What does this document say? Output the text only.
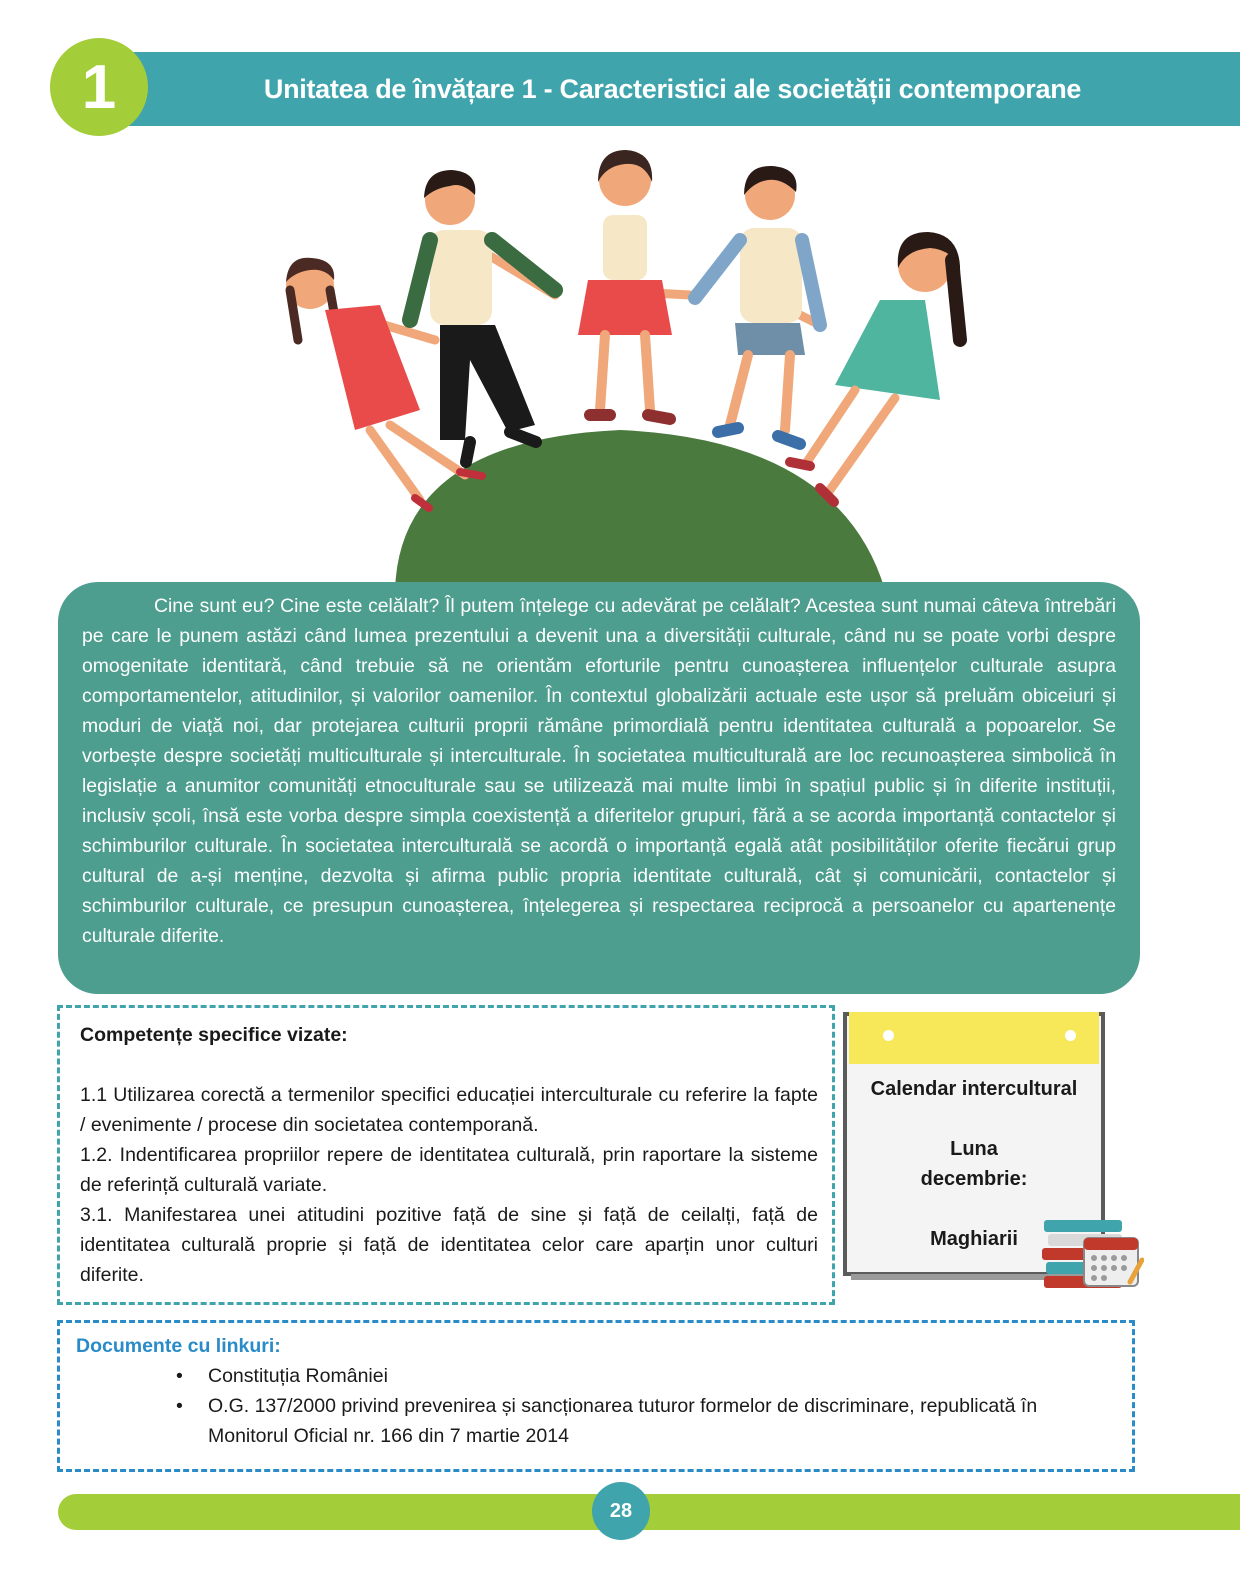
Unitatea de învățare 1 - Caracteristici ale societății contemporane
1

Cine sunt eu? Cine este celălalt? Îl putem înțelege cu adevărat pe celălalt? Acestea sunt numai câteva întrebări pe care le punem astăzi când lumea prezentului a devenit una a diversității culturale, când nu se poate vorbi despre omogenitate identitară, când trebuie să ne orientăm eforturile pentru cunoașterea influențelor culturale asupra comportamentelor, atitudinilor, și valorilor oamenilor. În contextul globalizării actuale este ușor să preluăm obiceiuri și moduri de viață noi, dar protejarea culturii proprii rămâne primordială pentru identitatea culturală a popoarelor. Se vorbește despre societăți multiculturale și interculturale. În societatea multiculturală are loc recunoașterea simbolică în legislație a anumitor comunități etnoculturale sau se utilizează mai multe limbi în spațiul public și în diferite instituții, inclusiv școli, însă este vorba despre simpla coexistență a diferitelor grupuri, fără a se acorda importanță contactelor și schimburilor culturale. În societatea interculturală se acordă o importanță egală atât posibilităților oferite fiecărui grup cultural de a-și menține, dezvolta și afirma public propria identitate culturală, cât și comunicării, contactelor și schimburilor culturale, ce presupun cunoașterea, înțelegerea și respectarea reciprocă a persoanelor cu apartenențe culturale diferite.

Competențe specifice vizate:

1.1 Utilizarea corectă a termenilor specifici educației interculturale cu referire la fapte / evenimente / procese din societatea contemporană.

1.2. Indentificarea propriilor repere de identitatea culturală, prin raportare la sisteme de referință culturală variate.

3.1. Manifestarea unei atitudini pozitive față de sine și față de ceilalți, față de identitatea culturală proprie și față de identitatea celor care aparțin unor culturi diferite.

Calendar intercultural
Luna
decembrie:
Maghiarii

Documente cu linkuri:

• Constituția României
• O.G. 137/2000 privind prevenirea și sancționarea tuturor formelor de discriminare, republicată în Monitorul Oficial nr. 166 din 7 martie 2014
28
